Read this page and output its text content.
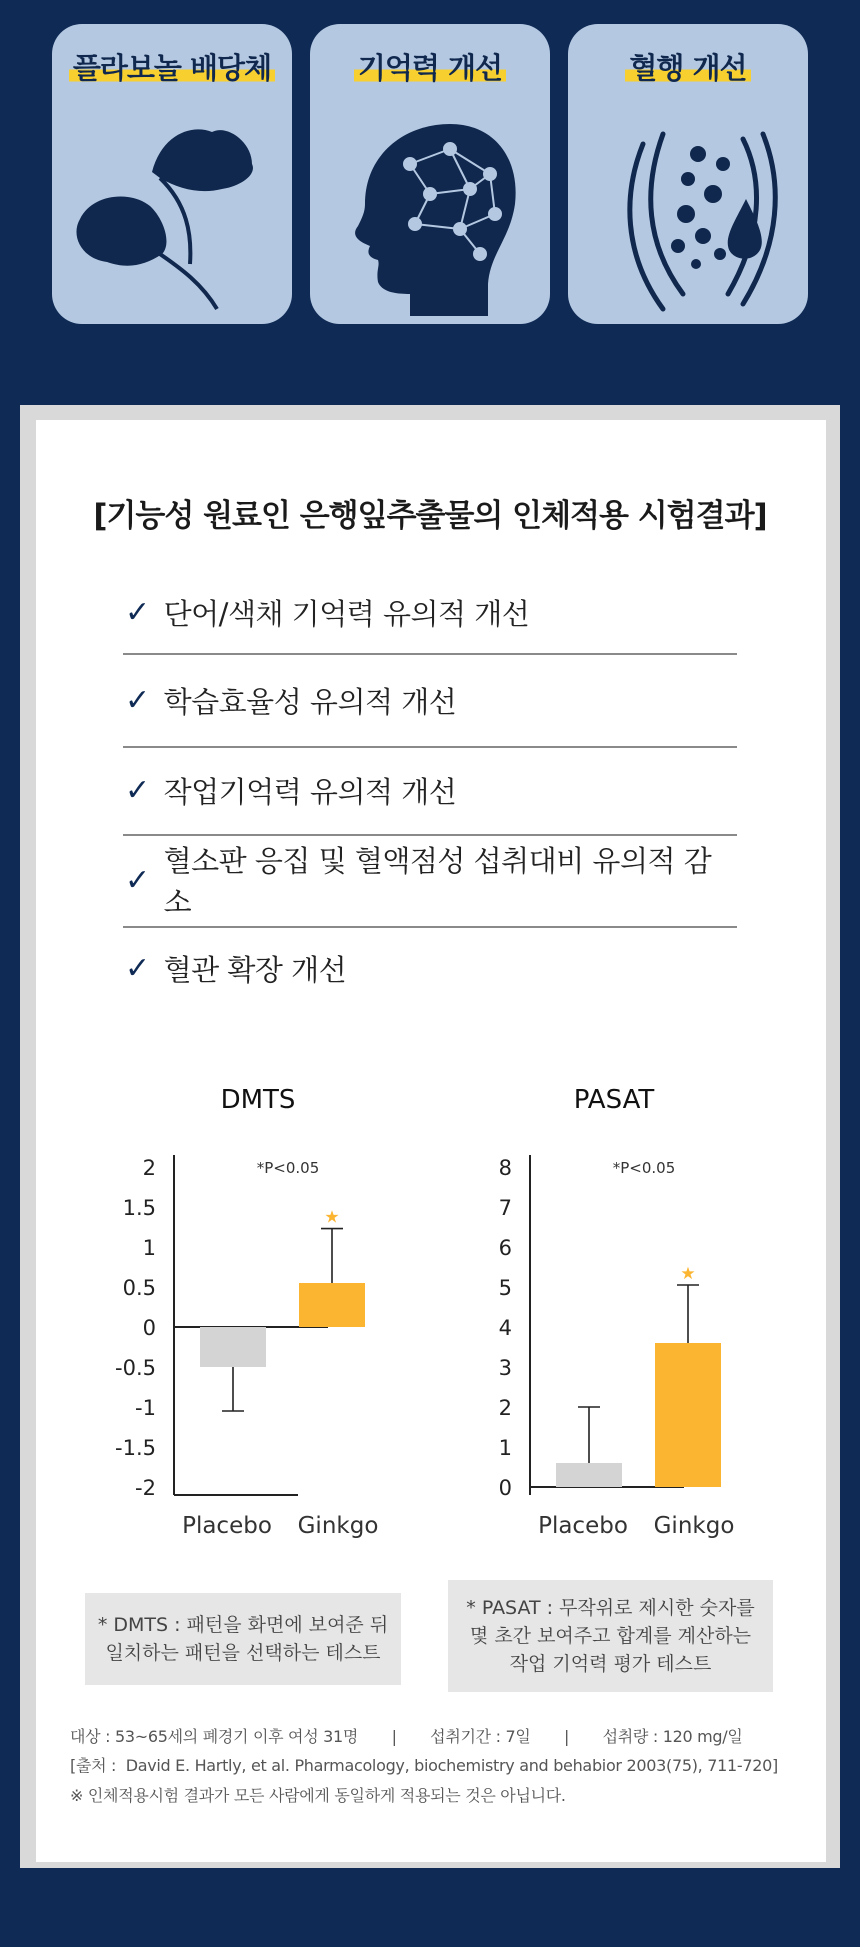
플라보놀 배당체	기억력 개선	혈행 개선
[기능성 원료인 은행잎추출물의 인체적용 시험결과]
✓ 단어/색채 기억력 유의적 개선
✓ 학습효율성 유의적 개선
✓ 작업기억력 유의적 개선
✓
혈소판 응집 및 혈액점성 섭취대비 유의적 감소
✓ 혈관 확장 개선
DMTS
*P<0.05
2
1.5
1
0.5
0
-0.5
-1
-1.5
-2
Placebo
★
Ginkgo
PASAT
*P<0.05
8
7
6
5
4
3
2
1
0
Placebo
★
Ginkgo
* DMTS : 패턴을 화면에 보여준 뒤
일치하는 패턴을 선택하는 테스트
* PASAT : 무작위로 제시한 숫자를
몇 초간 보여주고 합계를 계산하는
작업 기억력 평가 테스트
대상 : 53~65세의 폐경기 이후 여성 31명       |       섭취기간 : 7일       |       섭취량 : 120 mg/일
[출처 :  David E. Hartly, et al. Pharmacology, biochemistry and behabior 2003(75), 711-720]
※ 인체적용시험 결과가 모든 사람에게 동일하게 적용되는 것은 아닙니다.
